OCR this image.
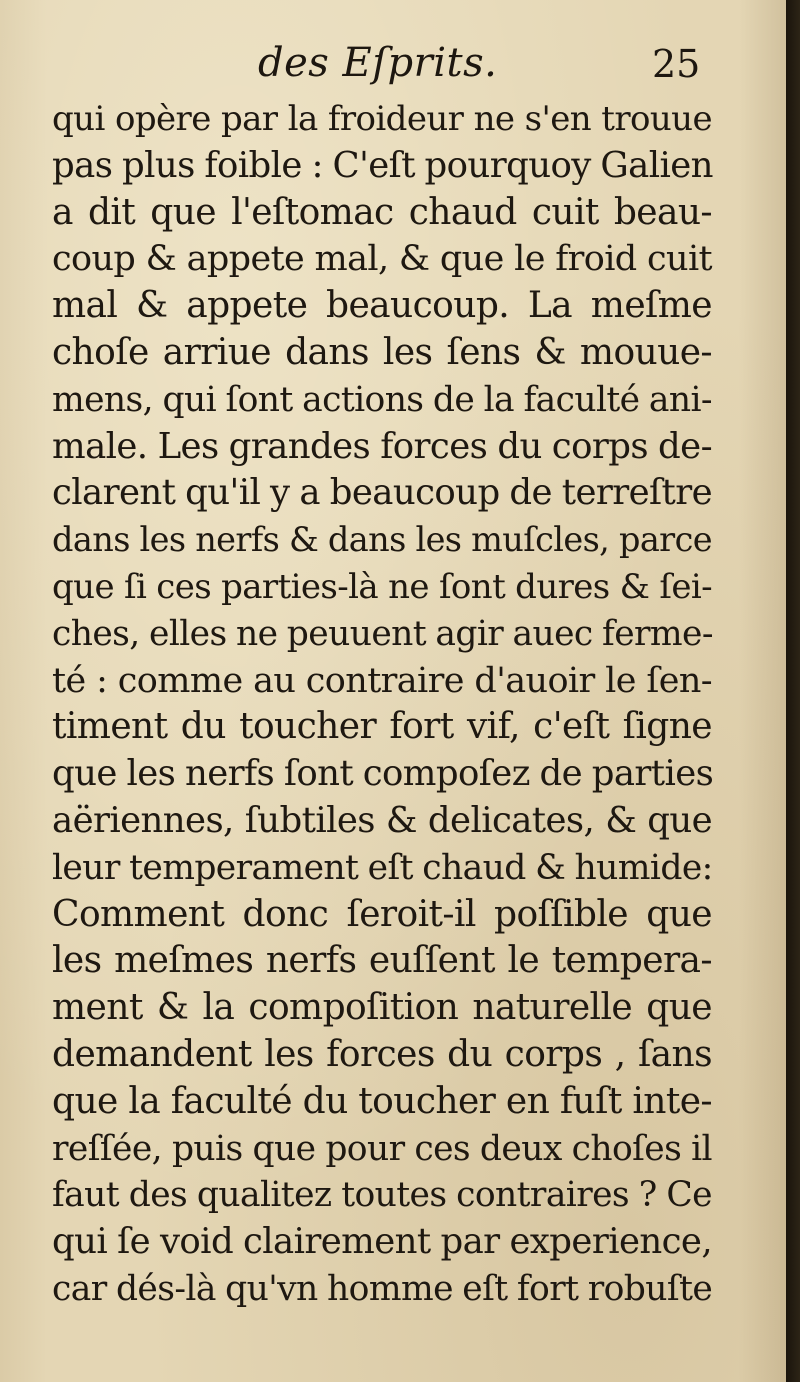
des Eſprits.	25
qui opère par la froideur ne s'en trouue
pas plus foible : C'eſt pourquoy Galien
a dit que l'eſtomac chaud cuit beau-
coup & appete mal, & que le froid cuit
mal & appete beaucoup. La meſme
choſe arriue dans les ſens & mouue-
mens, qui ſont actions de la faculté ani-
male. Les grandes forces du corps de-
clarent qu'il y a beaucoup de terreſtre
dans les nerfs & dans les muſcles, parce
que ſi ces parties-là ne ſont dures & ſei-
ches, elles ne peuuent agir auec ferme-
té : comme au contraire d'auoir le ſen-
timent du toucher fort vif, c'eſt ſigne
que les nerfs ſont compoſez de parties
aëriennes, ſubtiles & delicates, & que
leur temperament eſt chaud & humide:
Comment donc ſeroit-il poſſible que
les meſmes nerfs euſſent le tempera-
ment & la compoſition naturelle que
demandent les forces du corps , ſans
que la faculté du toucher en fuſt inte-
reſſée, puis que pour ces deux choſes il
faut des qualitez toutes contraires ? Ce
qui ſe void clairement par experience,
car dés-là qu'vn homme eſt fort robuſte
